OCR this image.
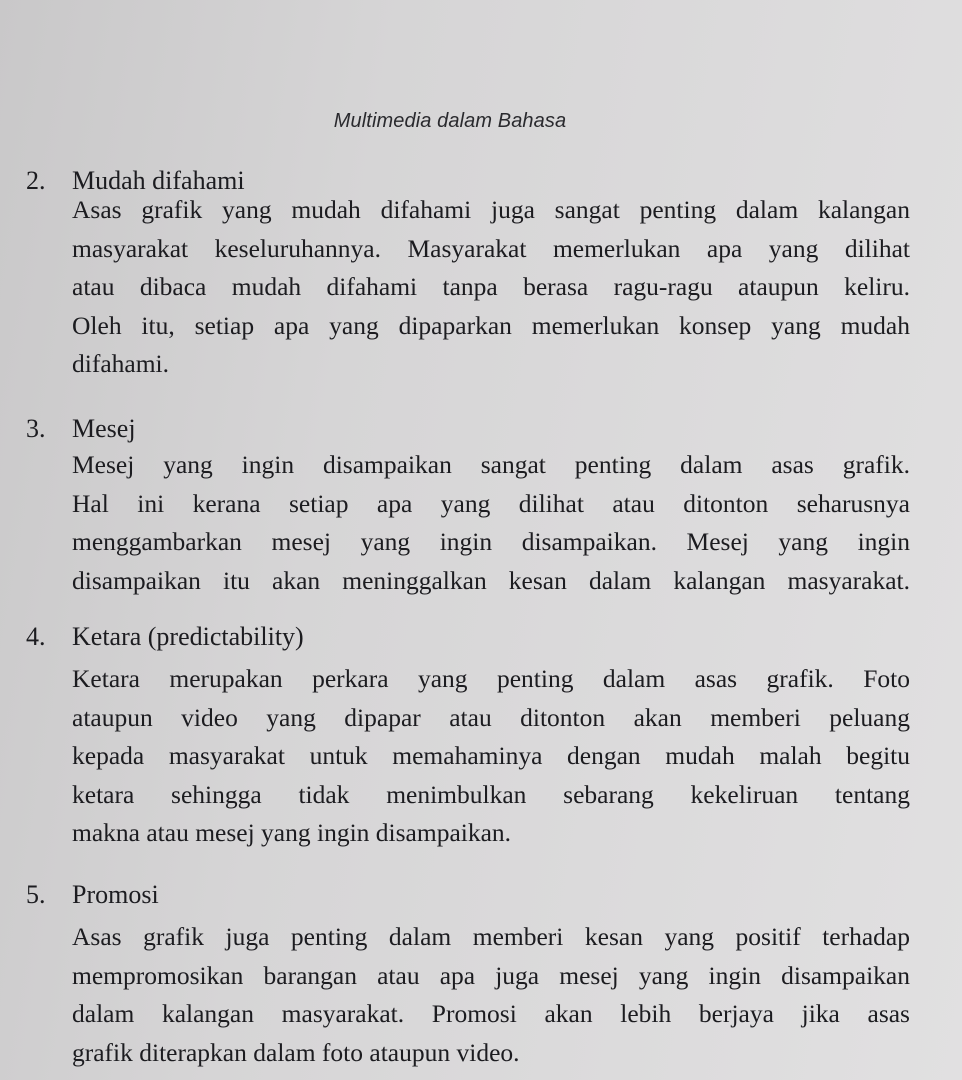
Multimedia dalam Bahasa
2. Mudah difahami
Asas grafik yang mudah difahami juga sangat penting dalam kalangan
masyarakat keseluruhannya. Masyarakat memerlukan apa yang dilihat
atau dibaca mudah difahami tanpa berasa ragu-ragu ataupun keliru.
Oleh itu, setiap apa yang dipaparkan memerlukan konsep yang mudah
difahami.
3. Mesej
Mesej yang ingin disampaikan sangat penting dalam asas grafik.
Hal ini kerana setiap apa yang dilihat atau ditonton seharusnya
menggambarkan mesej yang ingin disampaikan. Mesej yang ingin
disampaikan itu akan meninggalkan kesan dalam kalangan masyarakat.
4. Ketara (predictability)
Ketara merupakan perkara yang penting dalam asas grafik. Foto
ataupun video yang dipapar atau ditonton akan memberi peluang
kepada masyarakat untuk memahaminya dengan mudah malah begitu
ketara sehingga tidak menimbulkan sebarang kekeliruan tentang
makna atau mesej yang ingin disampaikan.
5. Promosi
Asas grafik juga penting dalam memberi kesan yang positif terhadap
mempromosikan barangan atau apa juga mesej yang ingin disampaikan
dalam kalangan masyarakat. Promosi akan lebih berjaya jika asas
grafik diterapkan dalam foto ataupun video.
